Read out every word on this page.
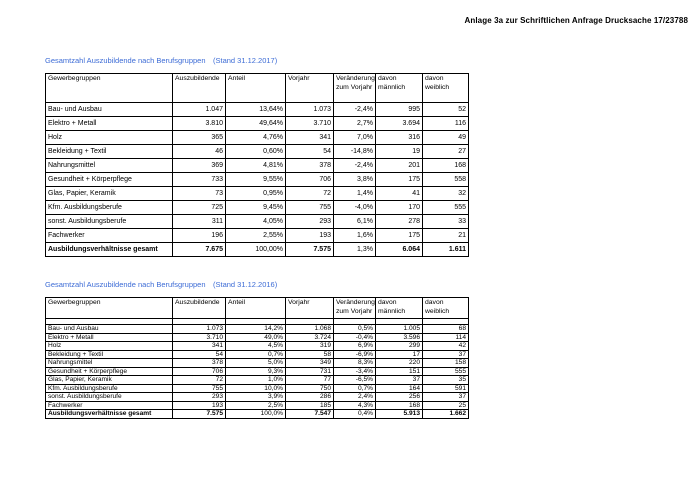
Anlage 3a zur Schriftlichen Anfrage Drucksache 17/23788
Gesamtzahl Auszubildende nach Berufsgruppen (Stand 31.12.2017)
Gewerbegruppen	Auszubildende	Anteil	Vorjahr	Veränderung zum Vorjahr	davon männlich	davon weiblich
Bau- und Ausbau	1.047	13,64%	1.073	-2,4%	995	52
Elektro + Metall	3.810	49,64%	3.710	2,7%	3.694	116
Holz	365	4,76%	341	7,0%	316	49
Bekleidung + Textil	46	0,60%	54	-14,8%	19	27
Nahrungsmittel	369	4,81%	378	-2,4%	201	168
Gesundheit + Körperpflege	733	9,55%	706	3,8%	175	558
Glas, Papier, Keramik	73	0,95%	72	1,4%	41	32
Kfm. Ausbildungsberufe	725	9,45%	755	-4,0%	170	555
sonst. Ausbildungsberufe	311	4,05%	293	6,1%	278	33
Fachwerker	196	2,55%	193	1,6%	175	21
Ausbildungsverhältnisse gesamt	7.675	100,00%	7.575	1,3%	6.064	1.611
Gesamtzahl Auszubildende nach Berufsgruppen (Stand 31.12.2016)
Gewerbegruppen	Auszubildende	Anteil	Vorjahr	Veränderung zum Vorjahr	davon männlich	davon weiblich

Bau- und Ausbau	1.073	14,2%	1.068	0,5%	1.005	68
Elektro + Metall	3.710	49,0%	3.724	-0,4%	3.596	114
Holz	341	4,5%	319	6,9%	299	42
Bekleidung + Textil	54	0,7%	58	-6,9%	17	37
Nahrungsmittel	378	5,0%	349	8,3%	220	158
Gesundheit + Körperpflege	706	9,3%	731	-3,4%	151	555
Glas, Papier, Keramik	72	1,0%	77	-6,5%	37	35
Kfm. Ausbildungsberufe	755	10,0%	750	0,7%	164	591
sonst. Ausbildungsberufe	293	3,9%	286	2,4%	256	37
Fachwerker	193	2,5%	185	4,3%	168	25
Ausbildungsverhältnisse gesamt	7.575	100,0%	7.547	0,4%	5.913	1.662
